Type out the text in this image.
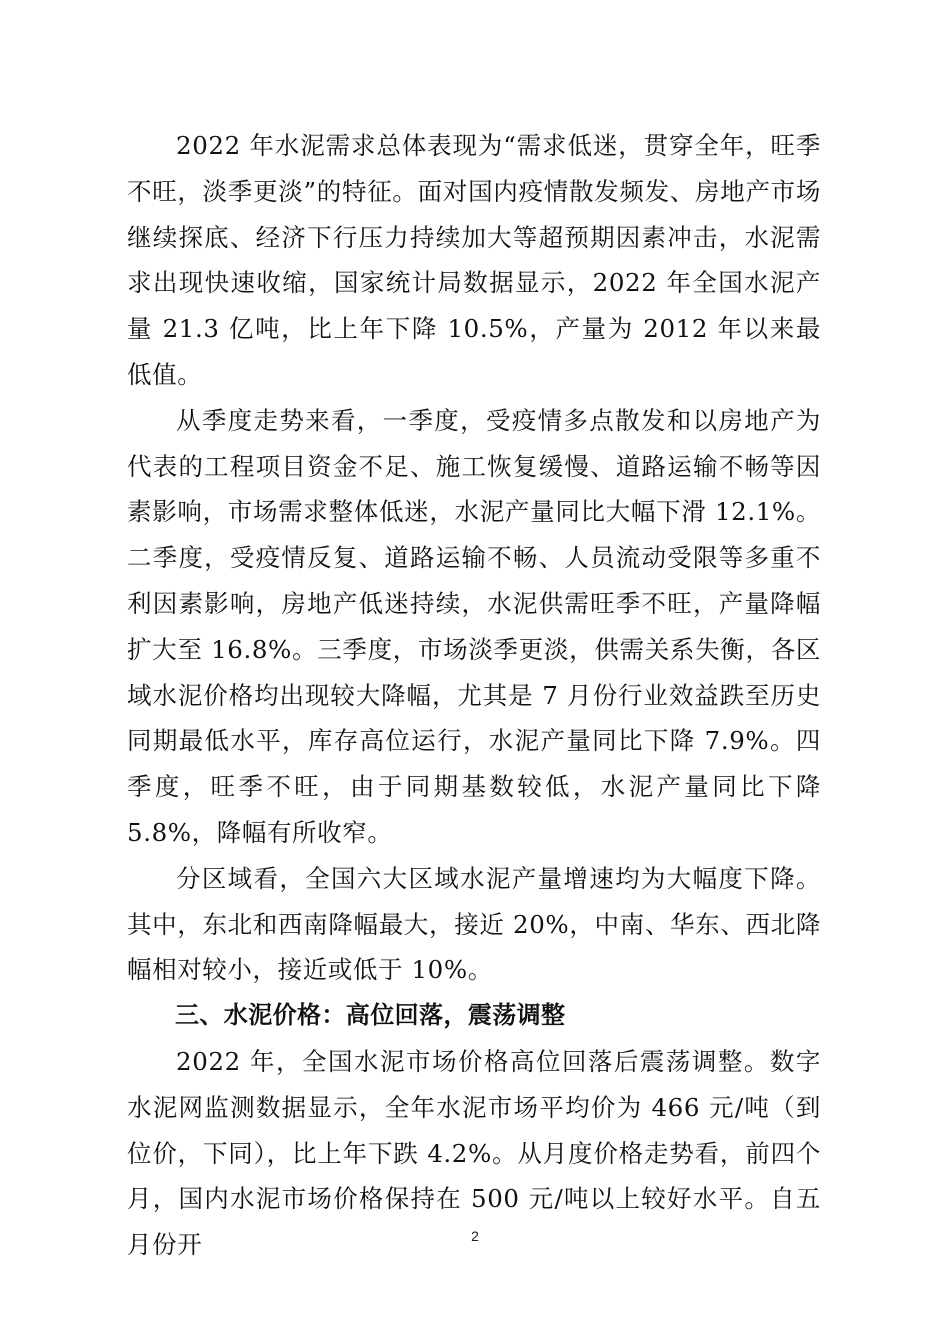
2022 年水泥需求总体表现为“需求低迷，贯穿全年，旺季不旺，淡季更淡”的特征。面对国内疫情散发频发、房地产市场继续探底、经济下行压力持续加大等超预期因素冲击，水泥需求出现快速收缩，国家统计局数据显示，2022 年全国水泥产量 21.3 亿吨，比上年下降 10.5%，产量为 2012 年以来最低值。

从季度走势来看，一季度，受疫情多点散发和以房地产为代表的工程项目资金不足、施工恢复缓慢、道路运输不畅等因素影响，市场需求整体低迷，水泥产量同比大幅下滑 12.1%。二季度，受疫情反复、道路运输不畅、人员流动受限等多重不利因素影响，房地产低迷持续，水泥供需旺季不旺，产量降幅扩大至 16.8%。三季度，市场淡季更淡，供需关系失衡，各区域水泥价格均出现较大降幅，尤其是 7 月份行业效益跌至历史同期最低水平，库存高位运行，水泥产量同比下降 7.9%。四季度，旺季不旺，由于同期基数较低，水泥产量同比下降 5.8%，降幅有所收窄。

分区域看，全国六大区域水泥产量增速均为大幅度下降。其中，东北和西南降幅最大，接近 20%，中南、华东、西北降幅相对较小，接近或低于 10%。

三、水泥价格：高位回落，震荡调整

2022 年，全国水泥市场价格高位回落后震荡调整。数字水泥网监测数据显示，全年水泥市场平均价为 466 元/吨（到位价，下同），比上年下跌 4.2%。从月度价格走势看，前四个月，国内水泥市场价格保持在 500 元/吨以上较好水平。自五月份开	2
